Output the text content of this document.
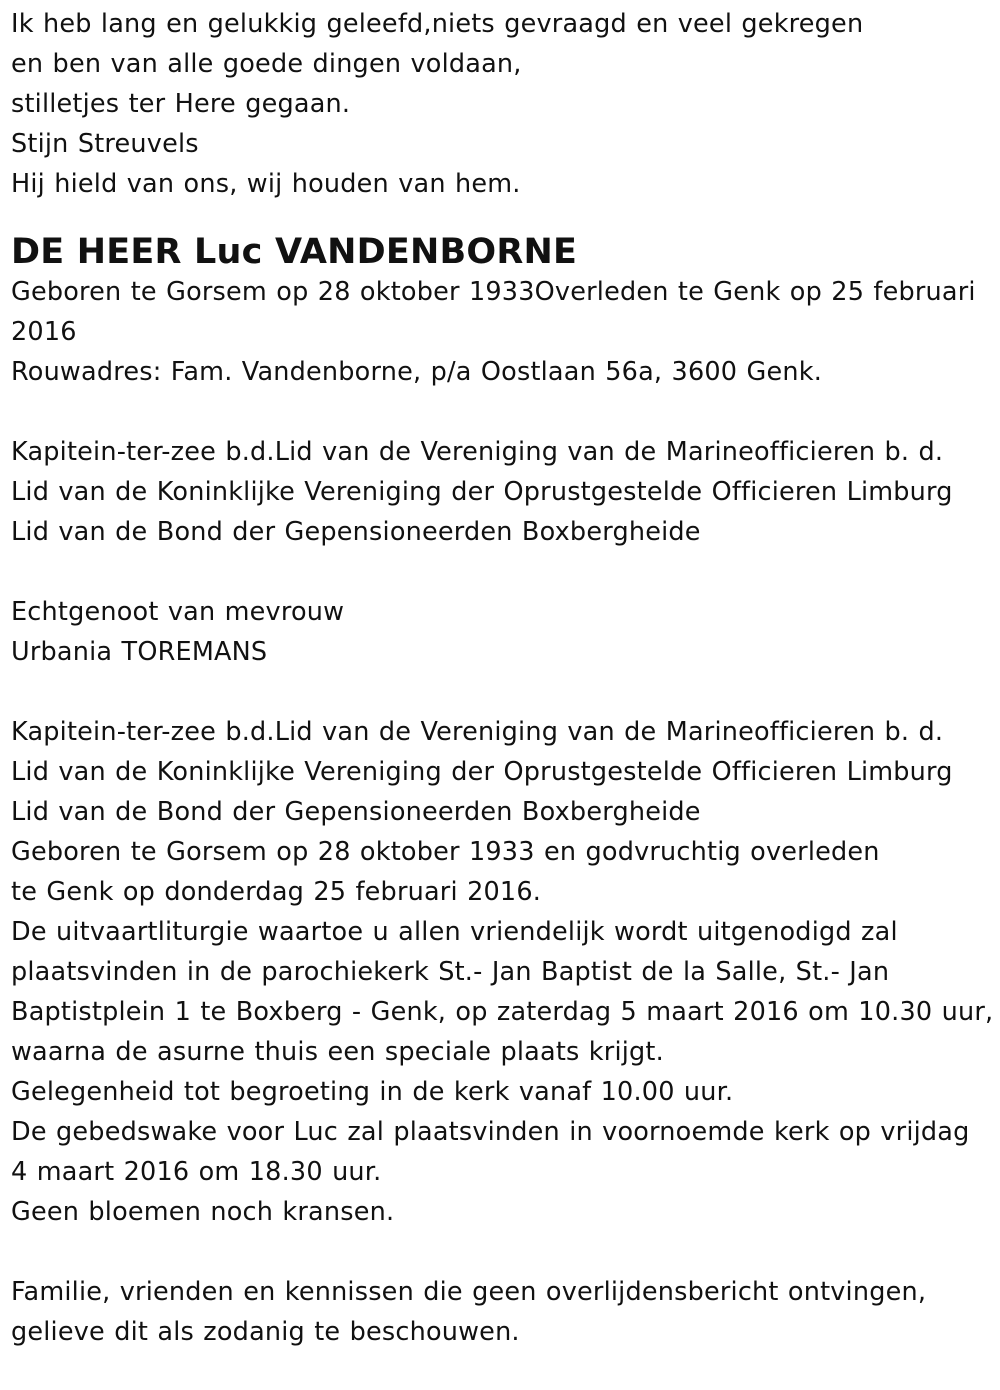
Ik heb lang en gelukkig geleefd,niets gevraagd en veel gekregen
en ben van alle goede dingen voldaan,
stilletjes ter Here gegaan.
Stijn Streuvels
Hij hield van ons, wij houden van hem.
DE HEER Luc VANDENBORNE
Geboren te Gorsem op 28 oktober 1933Overleden te Genk op 25 februari
2016
Rouwadres: Fam. Vandenborne, p/a Oostlaan 56a, 3600 Genk.
Kapitein-ter-zee b.d.Lid van de Vereniging van de Marineofficieren b. d.
Lid van de Koninklijke Vereniging der Oprustgestelde Officieren Limburg
Lid van de Bond der Gepensioneerden Boxbergheide
Echtgenoot van mevrouw
Urbania TOREMANS
Kapitein-ter-zee b.d.Lid van de Vereniging van de Marineofficieren b. d.
Lid van de Koninklijke Vereniging der Oprustgestelde Officieren Limburg
Lid van de Bond der Gepensioneerden Boxbergheide
Geboren te Gorsem op 28 oktober 1933 en godvruchtig overleden
te Genk op donderdag 25 februari 2016.
De uitvaartliturgie waartoe u allen vriendelijk wordt uitgenodigd zal
plaatsvinden in de parochiekerk St.- Jan Baptist de la Salle, St.- Jan
Baptistplein 1 te Boxberg - Genk, op zaterdag 5 maart 2016 om 10.30 uur,
waarna de asurne thuis een speciale plaats krijgt.
Gelegenheid tot begroeting in de kerk vanaf 10.00 uur.
De gebedswake voor Luc zal plaatsvinden in voornoemde kerk op vrijdag
4 maart 2016 om 18.30 uur.
Geen bloemen noch kransen.
Familie, vrienden en kennissen die geen overlijdensbericht ontvingen,
gelieve dit als zodanig te beschouwen.
